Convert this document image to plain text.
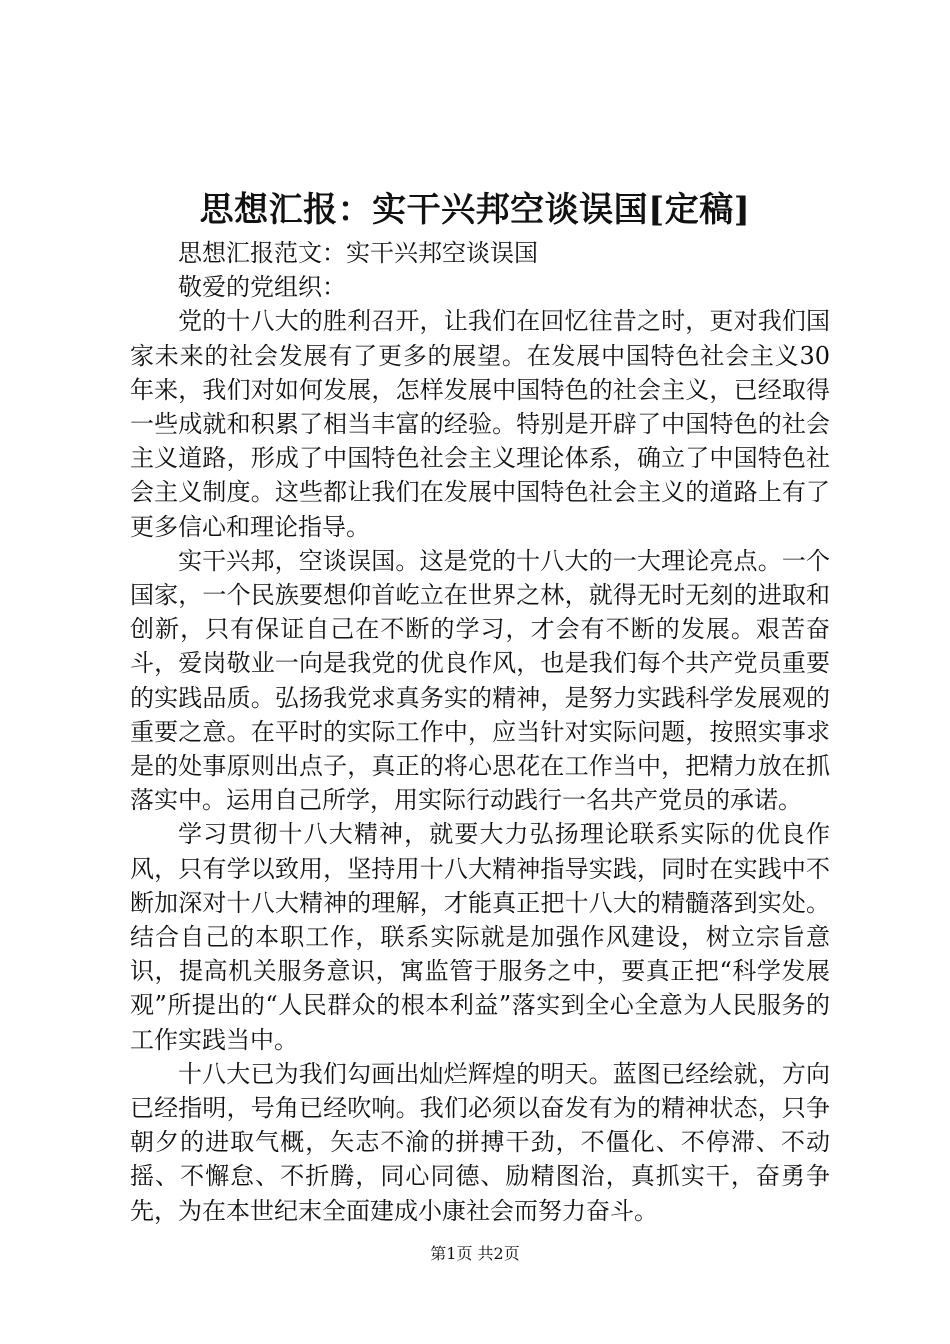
思想汇报：实干兴邦空谈误国[定稿]

思想汇报范文：实干兴邦空谈误国

敬爱的党组织：

党的十八大的胜利召开，让我们在回忆往昔之时，更对我们国家未来的社会发展有了更多的展望。在发展中国特色社会主义30年来，我们对如何发展，怎样发展中国特色的社会主义，已经取得一些成就和积累了相当丰富的经验。特别是开辟了中国特色的社会主义道路，形成了中国特色社会主义理论体系，确立了中国特色社会主义制度。这些都让我们在发展中国特色社会主义的道路上有了更多信心和理论指导。

实干兴邦，空谈误国。这是党的十八大的一大理论亮点。一个国家，一个民族要想仰首屹立在世界之林，就得无时无刻的进取和创新，只有保证自己在不断的学习，才会有不断的发展。艰苦奋斗，爱岗敬业一向是我党的优良作风，也是我们每个共产党员重要的实践品质。弘扬我党求真务实的精神，是努力实践科学发展观的重要之意。在平时的实际工作中，应当针对实际问题，按照实事求是的处事原则出点子，真正的将心思花在工作当中，把精力放在抓落实中。运用自己所学，用实际行动践行一名共产党员的承诺。

学习贯彻十八大精神，就要大力弘扬理论联系实际的优良作风，只有学以致用，坚持用十八大精神指导实践，同时在实践中不断加深对十八大精神的理解，才能真正把十八大的精髓落到实处。结合自己的本职工作，联系实际就是加强作风建设，树立宗旨意识，提高机关服务意识，寓监管于服务之中，要真正把“科学发展观”所提出的“人民群众的根本利益”落实到全心全意为人民服务的工作实践当中。

十八大已为我们勾画出灿烂辉煌的明天。蓝图已经绘就，方向已经指明，号角已经吹响。我们必须以奋发有为的精神状态，只争朝夕的进取气概，矢志不渝的拼搏干劲，不僵化、不停滞、不动摇、不懈怠、不折腾，同心同德、励精图治，真抓实干，奋勇争先，为在本世纪末全面建成小康社会而努力奋斗。

第1页 共2页
